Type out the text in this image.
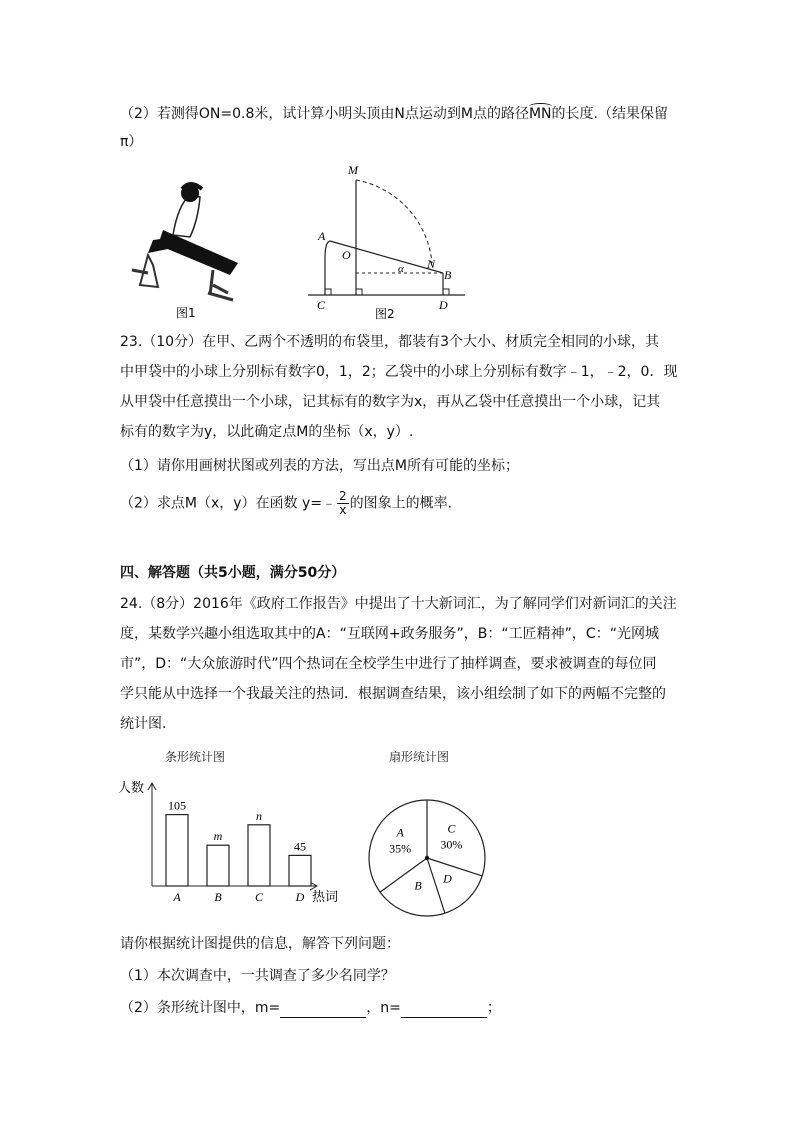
（2）若测得ON=0.8米，试计算小明头顶由N点运动到M点的路径MN的长度.（结果保留
π）
图1
M
A
O
N
B
C	D
α
图2
23.（10分）在甲、乙两个不透明的布袋里，都装有3个大小、材质完全相同的小球，其
中甲袋中的小球上分别标有数字0，1，2；乙袋中的小球上分别标有数字﹣1，﹣2，0．现
从甲袋中任意摸出一个小球，记其标有的数字为x，再从乙袋中任意摸出一个小球，记其
标有的数字为y，以此确定点M的坐标（x，y）.
（1）请你用画树状图或列表的方法，写出点M所有可能的坐标；
（2）求点M（x，y）在函数 y=﹣ $\frac{2}{x}$ 的图象上的概率.
四、解答题（共5小题，满分50分）
24.（8分）2016年《政府工作报告》中提出了十大新词汇，为了解同学们对新词汇的关注
度，某数学兴趣小组选取其中的A：“互联网+政务服务”，B：“工匠精神”，C：“光网城
市”，D：“大众旅游时代”四个热词在全校学生中进行了抽样调查，要求被调查的每位同
学只能从中选择一个我最关注的热词．根据调查结果，该小组绘制了如下的两幅不完整的
统计图.
条形统计图
人数
热词
105
A
m
B
n
C
45
D
扇形统计图
C
30%
D
B
A
35%
请你根据统计图提供的信息，解答下列问题：
（1）本次调查中，一共调查了多少名同学？
（2）条形统计图中，m=	，n=	；
